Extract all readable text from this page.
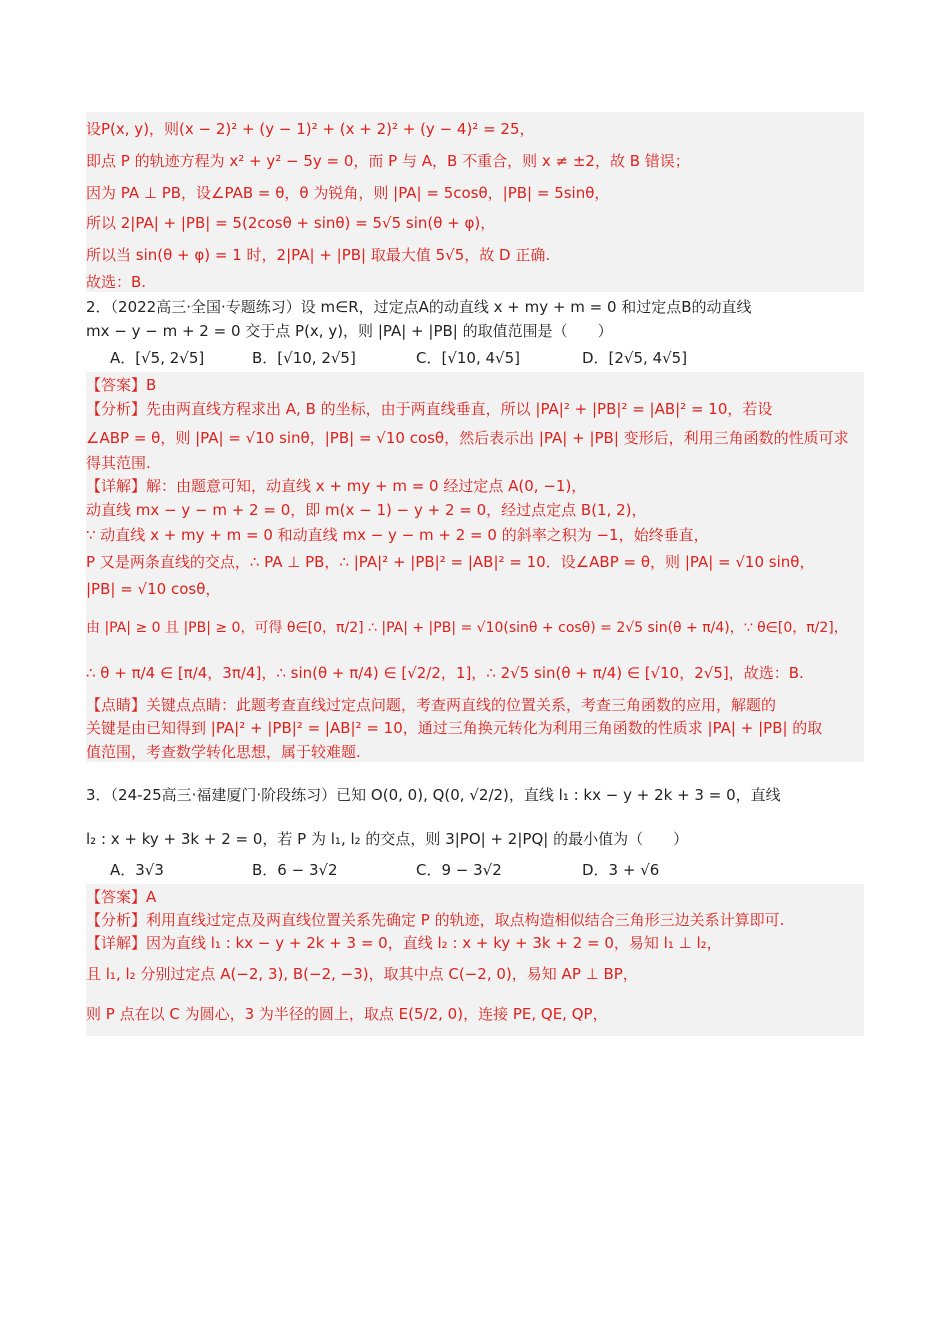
设P(x, y)，则(x − 2)² + (y − 1)² + (x + 2)² + (y − 4)² = 25，
即点 P 的轨迹方程为 x² + y² − 5y = 0，而 P 与 A，B 不重合，则 x ≠ ±2，故 B 错误；
因为 PA ⊥ PB，设∠PAB = θ，θ 为锐角，则 |PA| = 5cosθ，|PB| = 5sinθ，
所以 2|PA| + |PB| = 5(2cosθ + sinθ) = 5√5 sin(θ + φ)，
所以当 sin(θ + φ) = 1 时，2|PA| + |PB| 取最大值 5√5，故 D 正确.
故选：B.
2．（2022高三·全国·专题练习）设 m∈R，过定点A的动直线 x + my + m = 0 和过定点B的动直线
mx − y − m + 2 = 0 交于点 P(x, y)，则 |PA| + |PB| 的取值范围是（　　）
A．[√5, 2√5]	B．[√10, 2√5]	C．[√10, 4√5]	D．[2√5, 4√5]
【答案】B
【分析】先由两直线方程求出 A, B 的坐标，由于两直线垂直，所以 |PA|² + |PB|² = |AB|² = 10，若设
∠ABP = θ，则 |PA| = √10 sinθ，|PB| = √10 cosθ，然后表示出 |PA| + |PB| 变形后，利用三角函数的性质可求
得其范围.
【详解】解：由题意可知，动直线 x + my + m = 0 经过定点 A(0, −1)，
动直线 mx − y − m + 2 = 0，即 m(x − 1) − y + 2 = 0，经过点定点 B(1, 2)，
∵ 动直线 x + my + m = 0 和动直线 mx − y − m + 2 = 0 的斜率之积为 −1，始终垂直，
P 又是两条直线的交点，∴ PA ⊥ PB，∴ |PA|² + |PB|² = |AB|² = 10．设∠ABP = θ，则 |PA| = √10 sinθ，
|PB| = √10 cosθ，
由 |PA| ≥ 0 且 |PB| ≥ 0，可得 θ∈[0，π/2] ∴ |PA| + |PB| = √10(sinθ + cosθ) = 2√5 sin(θ + π/4)，∵ θ∈[0，π/2]，
∴ θ + π/4 ∈ [π/4，3π/4]，∴ sin(θ + π/4) ∈ [√2/2，1]，∴ 2√5 sin(θ + π/4) ∈ [√10，2√5]，故选：B.
【点睛】关键点点睛：此题考查直线过定点问题，考查两直线的位置关系，考查三角函数的应用，解题的
关键是由已知得到 |PA|² + |PB|² = |AB|² = 10，通过三角换元转化为利用三角函数的性质求 |PA| + |PB| 的取
值范围，考查数学转化思想，属于较难题.
3．（24-25高三·福建厦门·阶段练习）已知 O(0, 0), Q(0, √2/2)，直线 l₁ : kx − y + 2k + 3 = 0，直线
l₂ : x + ky + 3k + 2 = 0，若 P 为 l₁, l₂ 的交点，则 3|PO| + 2|PQ| 的最小值为（　　）
A．3√3	B．6 − 3√2	C．9 − 3√2	D．3 + √6
【答案】A
【分析】利用直线过定点及两直线位置关系先确定 P 的轨迹，取点构造相似结合三角形三边关系计算即可.
【详解】因为直线 l₁ : kx − y + 2k + 3 = 0，直线 l₂ : x + ky + 3k + 2 = 0，易知 l₁ ⊥ l₂，
且 l₁, l₂ 分别过定点 A(−2, 3), B(−2, −3)，取其中点 C(−2, 0)，易知 AP ⊥ BP，
则 P 点在以 C 为圆心，3 为半径的圆上，取点 E(5/2, 0)，连接 PE, QE, QP，
